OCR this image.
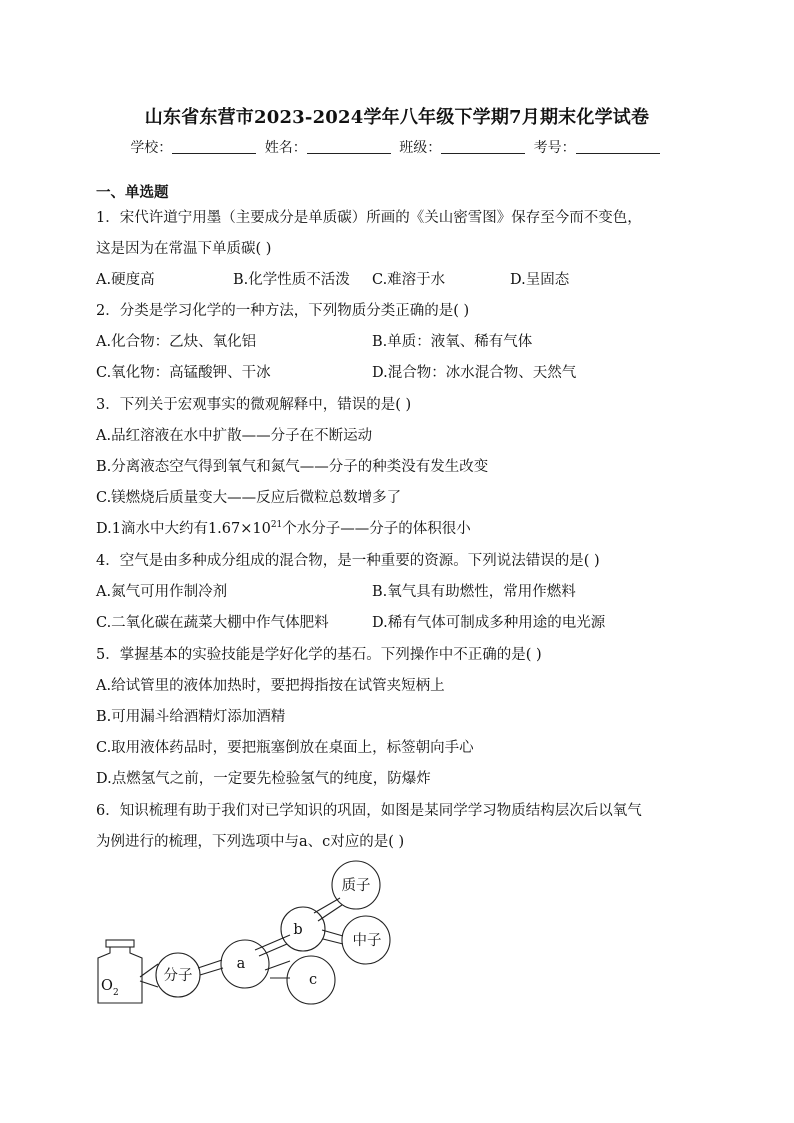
山东省东营市2023-2024学年八年级下学期7月期末化学试卷
学校：	姓名：	班级：	考号：
一、单选题
1．宋代许道宁用墨（主要成分是单质碳）所画的《关山密雪图》保存至今而不变色，
这是因为在常温下单质碳( )
A.硬度高	B.化学性质不活泼 C.难溶于水	D.呈固态
2．分类是学习化学的一种方法，下列物质分类正确的是( )
A.化合物：乙炔、氧化铝	B.单质：液氧、稀有气体
C.氧化物：高锰酸钾、干冰	D.混合物：冰水混合物、天然气
3．下列关于宏观事实的微观解释中，错误的是( )
A.品红溶液在水中扩散——分子在不断运动
B.分离液态空气得到氧气和氮气——分子的种类没有发生改变
C.镁燃烧后质量变大——反应后微粒总数增多了
D.1滴水中大约有$1.67\times 10^{21}$个水分子——分子的体积很小
4．空气是由多种成分组成的混合物，是一种重要的资源。下列说法错误的是( )
A.氮气可用作制冷剂	B.氧气具有助燃性，常用作燃料
C.二氧化碳在蔬菜大棚中作气体肥料	D.稀有气体可制成多种用途的电光源
5．掌握基本的实验技能是学好化学的基石。下列操作中不正确的是( )
A.给试管里的液体加热时，要把拇指按在试管夹短柄上
B.可用漏斗给酒精灯添加酒精
C.取用液体药品时，要把瓶塞倒放在桌面上，标签朝向手心
D.点燃氢气之前，一定要先检验氢气的纯度，防爆炸
6．知识梳理有助于我们对已学知识的巩固，如图是某同学学习物质结构层次后以氧气
为例进行的梳理，下列选项中与a、c对应的是( )
O 2
分子
a
b
c
质子
中子
